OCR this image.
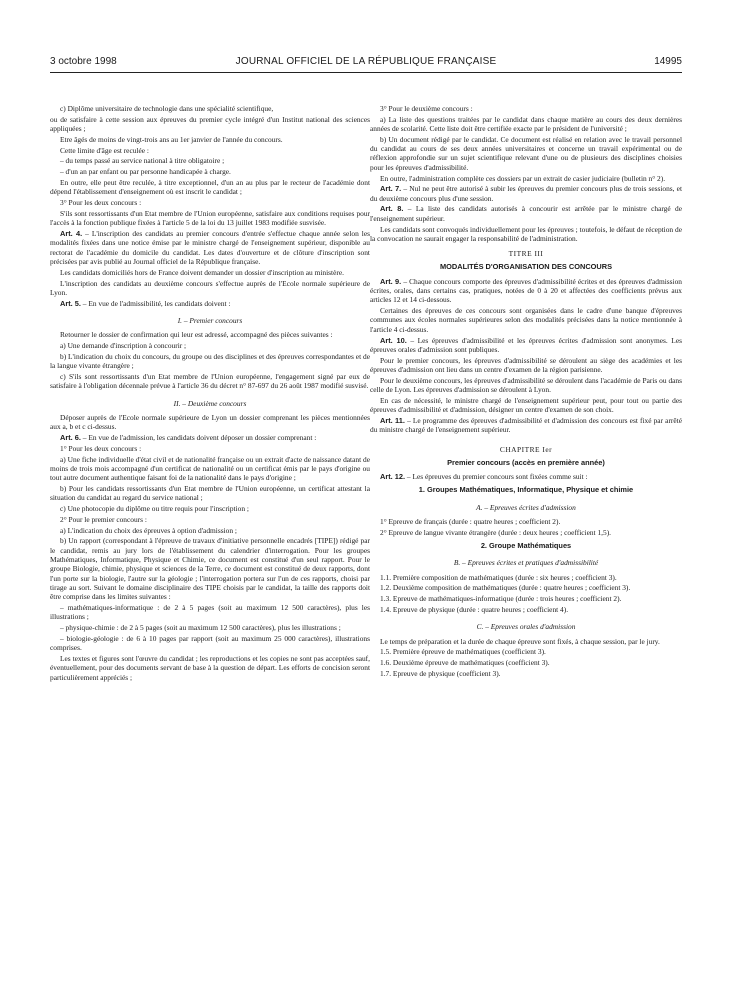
3 octobre 1998	JOURNAL OFFICIEL DE LA RÉPUBLIQUE FRANÇAISE	14995

c) Diplôme universitaire de technologie dans une spécialité scientifique,

ou de satisfaire à cette session aux épreuves du premier cycle intégré d'un Institut national des sciences appliquées ;

Etre âgés de moins de vingt-trois ans au 1er janvier de l'année du concours.

Cette limite d'âge est reculée :

– du temps passé au service national à titre obligatoire ;

– d'un an par enfant ou par personne handicapée à charge.

En outre, elle peut être reculée, à titre exceptionnel, d'un an au plus par le recteur de l'académie dont dépend l'établissement d'enseignement où est inscrit le candidat ;

3° Pour les deux concours :

S'ils sont ressortissants d'un Etat membre de l'Union européenne, satisfaire aux conditions requises pour l'accès à la fonction publique fixées à l'article 5 de la loi du 13 juillet 1983 modifiée susvisée.

Art. 4. – L'inscription des candidats au premier concours d'entrée s'effectue chaque année selon les modalités fixées dans une notice émise par le ministre chargé de l'enseignement supérieur, disponible au rectorat de l'académie du domicile du candidat. Les dates d'ouverture et de clôture d'inscription sont précisées par avis publié au Journal officiel de la République française.

Les candidats domiciliés hors de France doivent demander un dossier d'inscription au ministère.

L'inscription des candidats au deuxième concours s'effectue auprès de l'Ecole normale supérieure de Lyon.

Art. 5. – En vue de l'admissibilité, les candidats doivent :

I. – Premier concours

Retourner le dossier de confirmation qui leur est adressé, accompagné des pièces suivantes :

a) Une demande d'inscription à concourir ;

b) L'indication du choix du concours, du groupe ou des disciplines et des épreuves correspondantes et de la langue vivante étrangère ;

c) S'ils sont ressortissants d'un Etat membre de l'Union européenne, l'engagement signé par eux de satisfaire à l'obligation décennale prévue à l'article 36 du décret n° 87-697 du 26 août 1987 modifié susvisé.

II. – Deuxième concours

Déposer auprès de l'Ecole normale supérieure de Lyon un dossier comprenant les pièces mentionnées aux a, b et c ci-dessus.

Art. 6. – En vue de l'admission, les candidats doivent déposer un dossier comprenant :

1° Pour les deux concours :

a) Une fiche individuelle d'état civil et de nationalité française ou un extrait d'acte de naissance datant de moins de trois mois accompagné d'un certificat de nationalité ou un certificat émis par le pays d'origine ou tout autre document authentique faisant foi de la nationalité dans le pays d'origine ;

b) Pour les candidats ressortissants d'un Etat membre de l'Union européenne, un certificat attestant la situation du candidat au regard du service national ;

c) Une photocopie du diplôme ou titre requis pour l'inscription ;

2° Pour le premier concours :

a) L'indication du choix des épreuves à option d'admission ;

b) Un rapport (correspondant à l'épreuve de travaux d'initiative personnelle encadrés [TIPE]) rédigé par le candidat, remis au jury lors de l'établissement du calendrier d'interrogation. Pour les groupes Mathématiques, Informatique, Physique et Chimie, ce document est constitué d'un seul rapport. Pour le groupe Biologie, chimie, physique et sciences de la Terre, ce document est constitué de deux rapports, dont l'un porte sur la biologie, l'autre sur la géologie ; l'interrogation portera sur l'un de ces rapports, choisi par tirage au sort. Suivant le domaine disciplinaire des TIPE choisis par le candidat, la taille des rapports doit être comprise dans les limites suivantes :

– mathématiques-informatique : de 2 à 5 pages (soit au maximum 12 500 caractères), plus les illustrations ;

– physique-chimie : de 2 à 5 pages (soit au maximum 12 500 caractères), plus les illustrations ;

– biologie-géologie : de 6 à 10 pages par rapport (soit au maximum 25 000 caractères), illustrations comprises.

Les textes et figures sont l'œuvre du candidat ; les reproductions et les copies ne sont pas acceptées sauf, éventuellement, pour des documents servant de base à la question de départ. Les efforts de concision seront particulièrement appréciés ;

3° Pour le deuxième concours :

a) La liste des questions traitées par le candidat dans chaque matière au cours des deux dernières années de scolarité. Cette liste doit être certifiée exacte par le président de l'université ;

b) Un document rédigé par le candidat. Ce document est réalisé en relation avec le travail personnel du candidat au cours de ses deux années universitaires et concerne un travail expérimental ou de réflexion approfondie sur un sujet scientifique relevant d'une ou de plusieurs des disciplines choisies pour les épreuves d'admissibilité.

En outre, l'administration complète ces dossiers par un extrait de casier judiciaire (bulletin n° 2).

Art. 7. – Nul ne peut être autorisé à subir les épreuves du premier concours plus de trois sessions, et du deuxième concours plus d'une session.

Art. 8. – La liste des candidats autorisés à concourir est arrêtée par le ministre chargé de l'enseignement supérieur.

Les candidats sont convoqués individuellement pour les épreuves ; toutefois, le défaut de réception de la convocation ne saurait engager la responsabilité de l'administration.

TITRE III

MODALITÉS D'ORGANISATION DES CONCOURS

Art. 9. – Chaque concours comporte des épreuves d'admissibilité écrites et des épreuves d'admission écrites, orales, dans certains cas, pratiques, notées de 0 à 20 et affectées des coefficients prévus aux articles 12 et 14 ci-dessous.

Certaines des épreuves de ces concours sont organisées dans le cadre d'une banque d'épreuves communes aux écoles normales supérieures selon des modalités précisées dans la notice mentionnée à l'article 4 ci-dessus.

Art. 10. – Les épreuves d'admissibilité et les épreuves écrites d'admission sont anonymes. Les épreuves orales d'admission sont publiques.

Pour le premier concours, les épreuves d'admissibilité se déroulent au siège des académies et les épreuves d'admission ont lieu dans un centre d'examen de la région parisienne.

Pour le deuxième concours, les épreuves d'admissibilité se déroulent dans l'académie de Paris ou dans celle de Lyon. Les épreuves d'admission se déroulent à Lyon.

En cas de nécessité, le ministre chargé de l'enseignement supérieur peut, pour tout ou partie des épreuves d'admissibilité et d'admission, désigner un centre d'examen de son choix.

Art. 11. – Le programme des épreuves d'admissibilité et d'admission des concours est fixé par arrêté du ministre chargé de l'enseignement supérieur.

CHAPITRE Ier

Premier concours (accès en première année)

Art. 12. – Les épreuves du premier concours sont fixées comme suit :

1. Groupes Mathématiques, Informatique, Physique et chimie

A. – Epreuves écrites d'admission

1° Epreuve de français (durée : quatre heures ; coefficient 2).

2° Epreuve de langue vivante étrangère (durée : deux heures ; coefficient 1,5).

2. Groupe Mathématiques

B. – Epreuves écrites et pratiques d'admissibilité

1.1. Première composition de mathématiques (durée : six heures ; coefficient 3).

1.2. Deuxième composition de mathématiques (durée : quatre heures ; coefficient 3).

1.3. Epreuve de mathématiques-informatique (durée : trois heures ; coefficient 2).

1.4. Epreuve de physique (durée : quatre heures ; coefficient 4).

C. – Epreuves orales d'admission

Le temps de préparation et la durée de chaque épreuve sont fixés, à chaque session, par le jury.

1.5. Première épreuve de mathématiques (coefficient 3).

1.6. Deuxième épreuve de mathématiques (coefficient 3).

1.7. Epreuve de physique (coefficient 3).
